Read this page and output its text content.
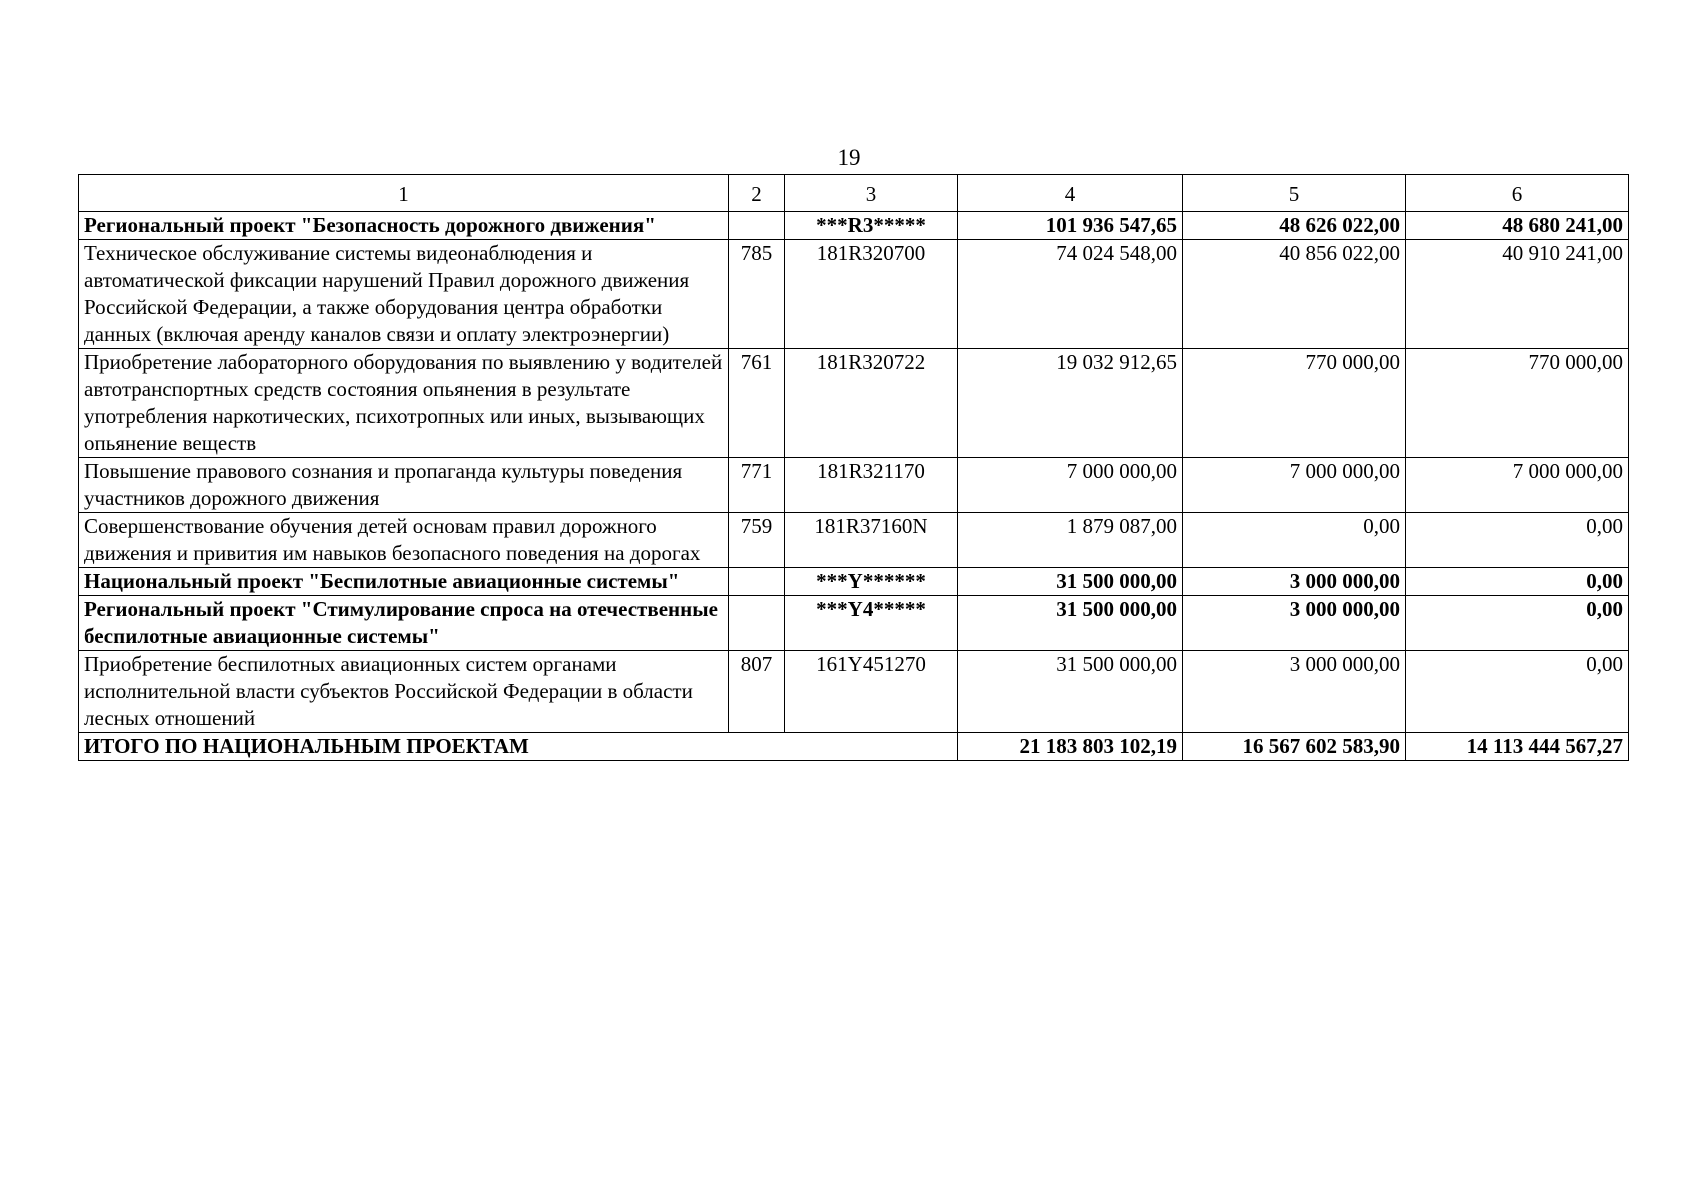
19
1	2	3	4	5	6
Региональный проект "Безопасность дорожного движения"		***R3*****	101 936 547,65	48 626 022,00	48 680 241,00
Техническое обслуживание системы видеонаблюдения и автоматической фиксации нарушений Правил дорожного движения Российской Федерации, а также оборудования центра обработки данных (включая аренду каналов связи и оплату электроэнергии)	785	181R320700	74 024 548,00	40 856 022,00	40 910 241,00
Приобретение лабораторного оборудования по выявлению у водителей автотранспортных средств состояния опьянения в результате употребления наркотических, психотропных или иных, вызывающих опьянение веществ	761	181R320722	19 032 912,65	770 000,00	770 000,00
Повышение правового сознания и пропаганда культуры поведения участников дорожного движения	771	181R321170	7 000 000,00	7 000 000,00	7 000 000,00
Совершенствование обучения детей основам правил дорожного движения и привития им навыков безопасного поведения на дорогах	759	181R37160N	1 879 087,00	0,00	0,00
Национальный проект "Беспилотные авиационные системы"		***Y******	31 500 000,00	3 000 000,00	0,00
Региональный проект "Стимулирование спроса на отечественные беспилотные авиационные системы"		***Y4*****	31 500 000,00	3 000 000,00	0,00
Приобретение беспилотных авиационных систем органами исполнительной власти субъектов Российской Федерации в области лесных отношений	807	161Y451270	31 500 000,00	3 000 000,00	0,00
ИТОГО ПО НАЦИОНАЛЬНЫМ ПРОЕКТАМ			21 183 803 102,19	16 567 602 583,90	14 113 444 567,27
